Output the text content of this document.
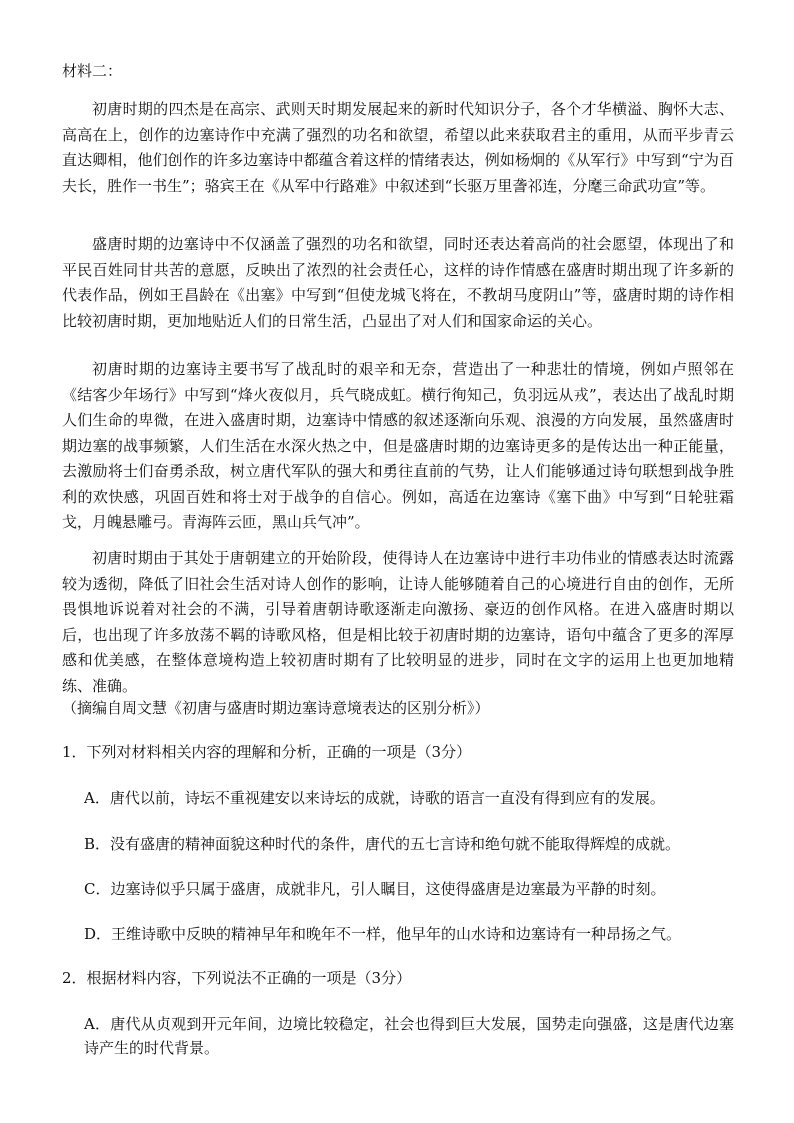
材料二：

初唐时期的四杰是在高宗、武则天时期发展起来的新时代知识分子，各个才华横溢、胸怀大志、高高在上，创作的边塞诗作中充满了强烈的功名和欲望，希望以此来获取君主的重用，从而平步青云直达卿相，他们创作的许多边塞诗中都蕴含着这样的情绪表达，例如杨炯的《从军行》中写到“宁为百夫长，胜作一书生”；骆宾王在《从军中行路难》中叙述到“长驱万里詟祁连，分麾三命武功宣”等。

盛唐时期的边塞诗中不仅涵盖了强烈的功名和欲望，同时还表达着高尚的社会愿望，体现出了和平民百姓同甘共苦的意愿，反映出了浓烈的社会责任心，这样的诗作情感在盛唐时期出现了许多新的代表作品，例如王昌龄在《出塞》中写到“但使龙城飞将在，不教胡马度阴山”等，盛唐时期的诗作相比较初唐时期，更加地贴近人们的日常生活，凸显出了对人们和国家命运的关心。

初唐时期的边塞诗主要书写了战乱时的艰辛和无奈，营造出了一种悲壮的情境，例如卢照邻在《结客少年场行》中写到“烽火夜似月，兵气晓成虹。横行徇知己，负羽远从戎”，表达出了战乱时期人们生命的卑微，在进入盛唐时期，边塞诗中情感的叙述逐渐向乐观、浪漫的方向发展，虽然盛唐时期边塞的战事频繁，人们生活在水深火热之中，但是盛唐时期的边塞诗更多的是传达出一种正能量，去激励将士们奋勇杀敌，树立唐代军队的强大和勇往直前的气势，让人们能够通过诗句联想到战争胜利的欢快感，巩固百姓和将士对于战争的自信心。例如，高适在边塞诗《塞下曲》中写到“日轮驻霜戈，月魄悬雕弓。青海阵云匝，黑山兵气冲”。

初唐时期由于其处于唐朝建立的开始阶段，使得诗人在边塞诗中进行丰功伟业的情感表达时流露较为透彻，降低了旧社会生活对诗人创作的影响，让诗人能够随着自己的心境进行自由的创作，无所畏惧地诉说着对社会的不满，引导着唐朝诗歌逐渐走向激扬、豪迈的创作风格。在进入盛唐时期以后，也出现了许多放荡不羁的诗歌风格，但是相比较于初唐时期的边塞诗，语句中蕴含了更多的浑厚感和优美感，在整体意境构造上较初唐时期有了比较明显的进步，同时在文字的运用上也更加地精练、准确。

（摘编自周文慧《初唐与盛唐时期边塞诗意境表达的区别分析》）
1．下列对材料相关内容的理解和分析，正确的一项是（3分）

A．唐代以前，诗坛不重视建安以来诗坛的成就，诗歌的语言一直没有得到应有的发展。

B．没有盛唐的精神面貌这种时代的条件，唐代的五七言诗和绝句就不能取得辉煌的成就。

C．边塞诗似乎只属于盛唐，成就非凡，引人瞩目，这使得盛唐是边塞最为平静的时刻。

D．王维诗歌中反映的精神早年和晚年不一样，他早年的山水诗和边塞诗有一种昂扬之气。

2．根据材料内容，下列说法不正确的一项是（3分）

A．唐代从贞观到开元年间，边境比较稳定，社会也得到巨大发展，国势走向强盛，这是唐代边塞诗产生的时代背景。
